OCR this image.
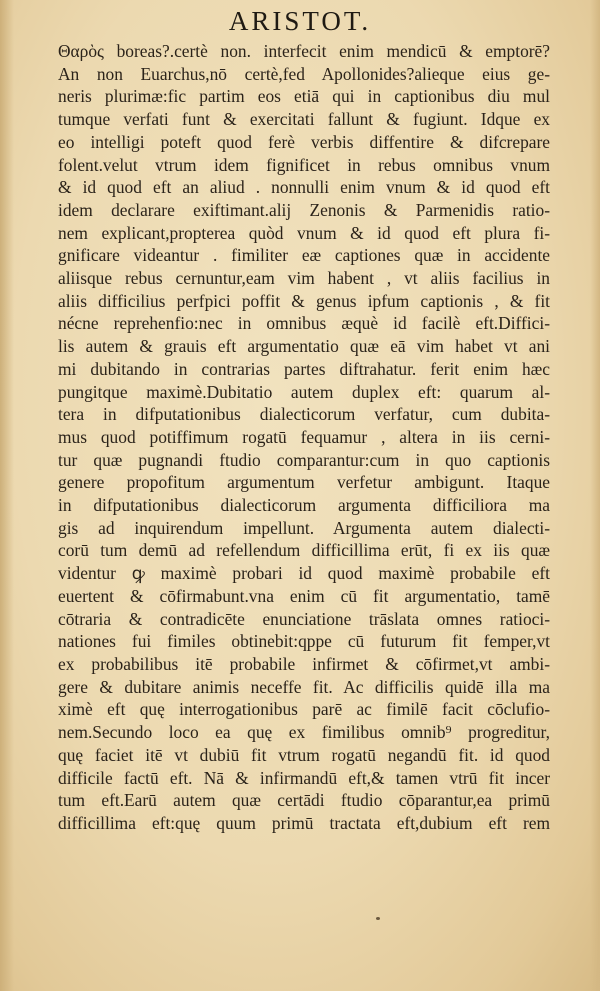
ARISTOT.
Θαρὸς boreas?.certè non. interfecit enim mendicū & emptorē?
An non Euarchus,nō certè,fed Apollonides?alieque eius ge-
neris plurimæ:fic partim eos etiā qui in captionibus diu mul
tumque verfati funt & exercitati fallunt & fugiunt. Idque ex
eo intelligi poteft quod ferè verbis diffentire & difcrepare
folent.velut vtrum idem fignificet in rebus omnibus vnum
& id quod eft an aliud . nonnulli enim vnum & id quod eft
idem declarare exiftimant.alij Zenonis & Parmenidis ratio-
nem explicant,propterea quòd vnum & id quod eft plura fi-
gnificare videantur . fimiliter eæ captiones quæ in accidente
aliisque rebus cernuntur,eam vim habent , vt aliis facilius in
aliis difficilius perfpici poffit & genus ipfum captionis , & fit
nécne reprehenfio:nec in omnibus æquè id facilè eft.Diffici-
lis autem & grauis eft argumentatio quæ eā vim habet vt ani
mi dubitando in contrarias partes diftrahatur. ferit enim hæc
pungitque maximè.Dubitatio autem duplex eft: quarum al-
tera in difputationibus dialecticorum verfatur, cum dubita-
mus quod potiffimum rogatū fequamur , altera in iis cerni-
tur quæ pugnandi ftudio comparantur:cum in quo captionis
genere propofitum argumentum verfetur ambigunt. Itaque
in difputationibus dialecticorum argumenta difficiliora ma
gis ad inquirendum impellunt. Argumenta autem dialecti-
corū tum demū ad refellendum difficillima erūt, fi ex iis quæ
videntur ꝙ maximè probari id quod maximè probabile eft
euertent & cōfirmabunt.vna enim cū fit argumentatio, tamē
cōtraria & contradicēte enunciatione trāslata omnes ratioci-
nationes fui fimiles obtinebit:qppe cū futurum fit femper,vt
ex probabilibus itē probabile infirmet & cōfirmet,vt ambi-
gere & dubitare animis neceffe fit. Ac difficilis quidē illa ma
ximè eft quę interrogationibus parē ac fimilē facit cōclufio-
nem.Secundo loco ea quę ex fimilibus omnib⁹ progreditur,
quę faciet itē vt dubiū fit vtrum rogatū negandū fit. id quod
difficile factū eft. Nā & infirmandū eft,& tamen vtrū fit incer
tum eft.Earū autem quæ certādi ftudio cōparantur,ea primū
difficillima eft:quę quum primū tractata eft,dubium eft rem
